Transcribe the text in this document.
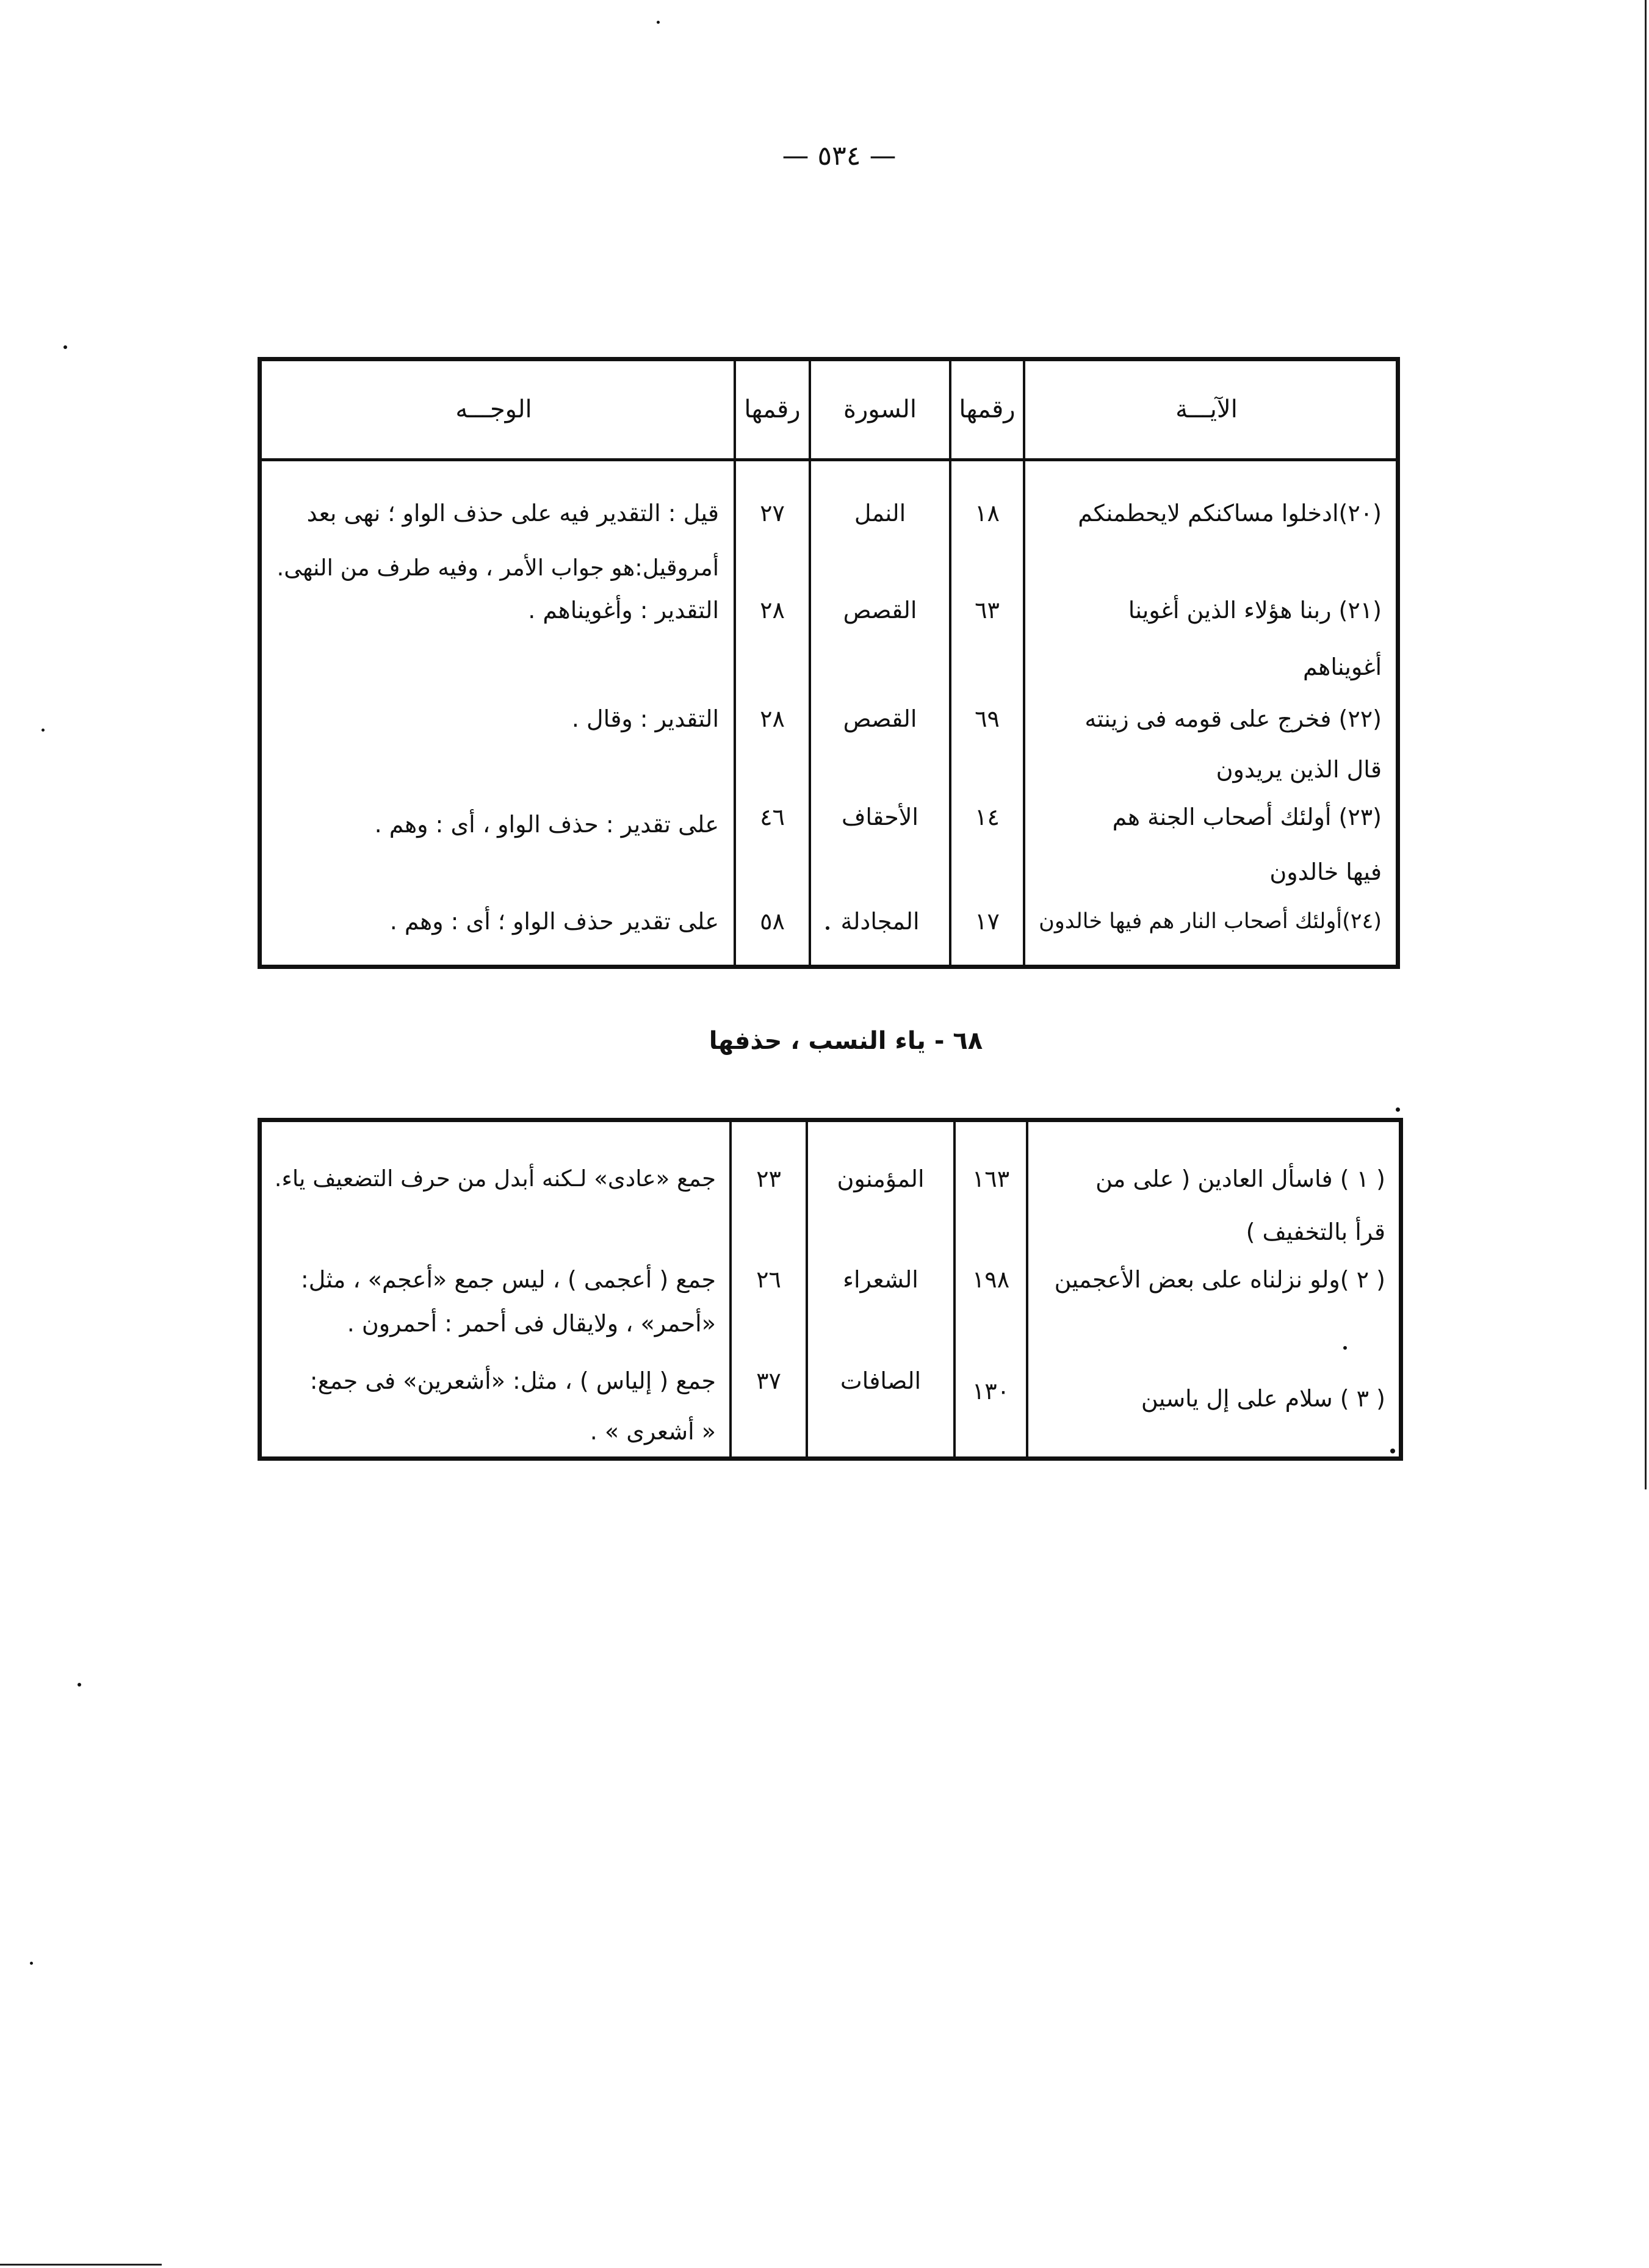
— ٥٣٤ —
الآيـــة
رقمها
السورة
رقمها
الوجـــه
(٢٠)ادخلوا مساكنكم لايحطمنكم
١٨
النمل
٢٧
قيل : التقدير فيه على حذف الواو ؛ نهى بعد
أمروقيل:هو جواب الأمر ، وفيه طرف من النهى.
(٢١) ربنا هؤلاء الذين أغوينا
أغويناهم
٦٣
القصص
٢٨
التقدير : وأغويناهم .
(٢٢) فخرج على قومه فى زينته
قال الذين يريدون
٦٩
القصص
٢٨
التقدير : وقال .
(٢٣) أولئك أصحاب الجنة هم
فيها خالدون
١٤
الأحقاف
٤٦
على تقدير : حذف الواو ، أى : وهم .
(٢٤)أولئك أصحاب النار هم فيها خالدون
١٧
المجادلة
٥٨
على تقدير حذف الواو ؛ أى : وهم .
٦٨ - ياء النسب ، حذفها
( ١ ) فاسأل العادين ( على من
قرأ بالتخفيف )
١٦٣
المؤمنون
٢٣
جمع «عادى» لـكنه أبدل من حرف التضعيف ياء.
( ٢ )ولو نزلناه على بعض الأعجمين
١٩٨
الشعراء
٢٦
جمع ( أعجمى ) ، ليس جمع «أعجم» ، مثل:
«أحمر» ، ولايقال فى أحمر : أحمرون .
( ٣ ) سلام على إل ياسين
١٣٠
الصافات
٣٧
جمع ( إلياس ) ، مثل: «أشعرين» فى جمع:
« أشعرى » .
